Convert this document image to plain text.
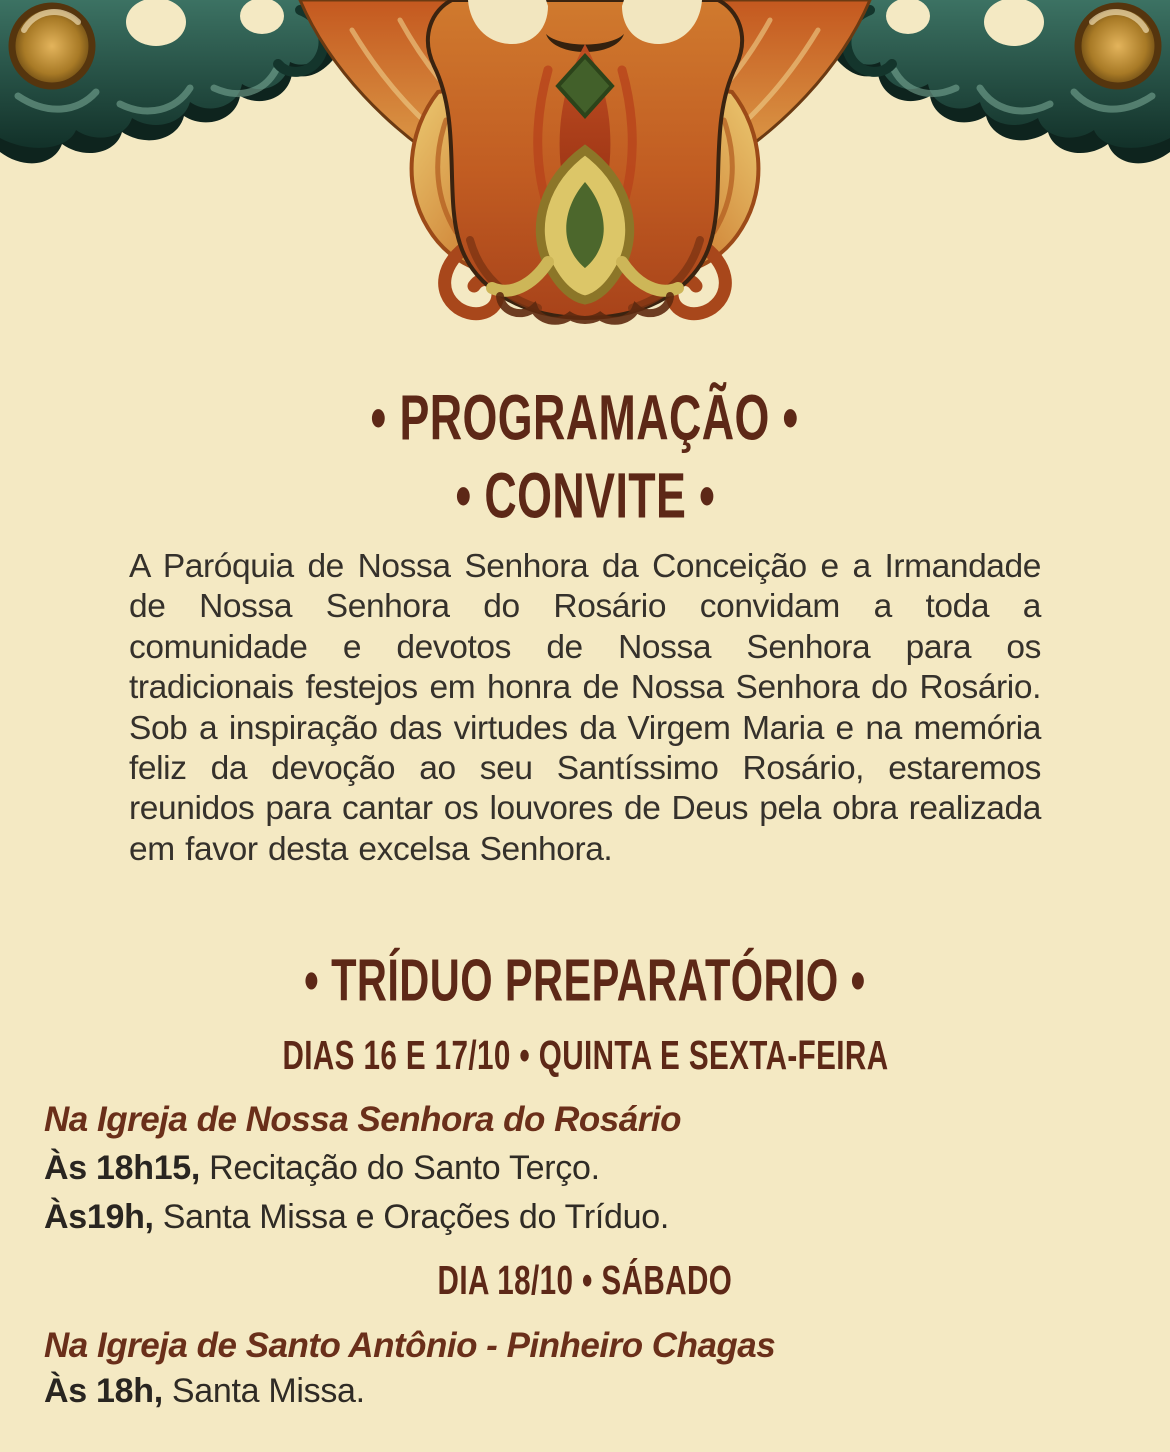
• PROGRAMAÇÃO •
• CONVITE •

A Paróquia de Nossa Senhora da Conceição e a Irmandade de Nossa Senhora do Rosário convidam a toda a comunidade e devotos de Nossa Senhora para os tradicionais festejos em honra de Nossa Senhora do Rosário. Sob a inspiração das virtudes da Virgem Maria e na memória feliz da devoção ao seu Santíssimo Rosário, estaremos reunidos para cantar os louvores de Deus pela obra realizada em favor desta excelsa Senhora.

• TRÍDUO PREPARATÓRIO •
DIAS 16 E 17/10 • QUINTA E SEXTA-FEIRA

Na Igreja de Nossa Senhora do Rosário

Às 18h15, Recitação do Santo Terço.

Às19h, Santa Missa e Orações do Tríduo.

DIA 18/10 • SÁBADO

Na Igreja de Santo Antônio - Pinheiro Chagas

Às 18h, Santa Missa.
